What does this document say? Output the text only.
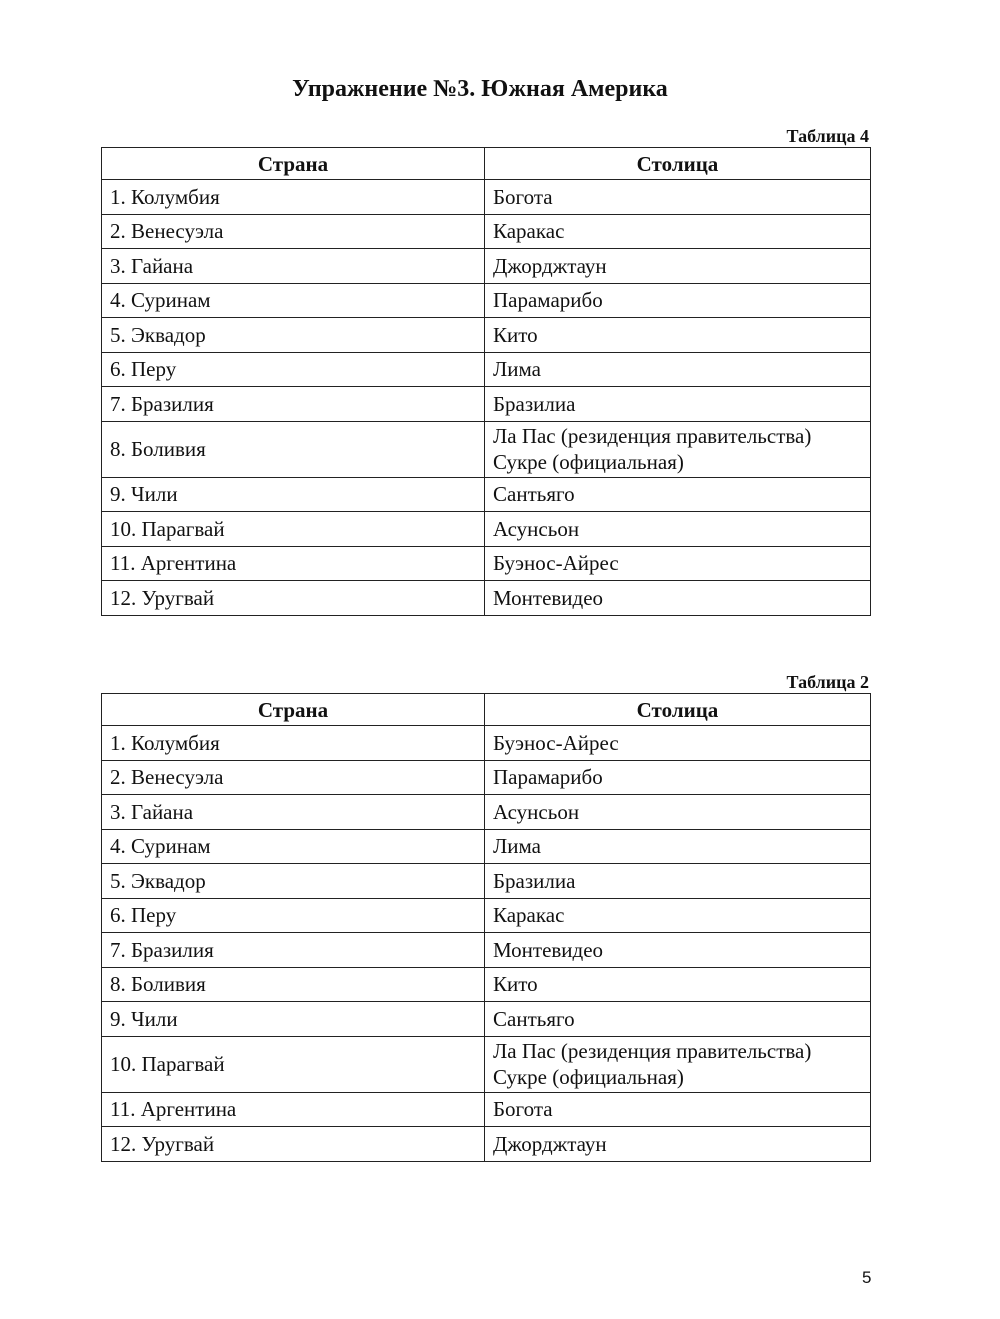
Упражнение №3. Южная Америка
Таблица 4
Страна	Столица
1. Колумбия	Богота

2. Венесуэла	Каракас

3. Гайана	Джорджтаун

4. Суринам	Парамарибо

5. Эквадор	Кито

6. Перу	Лима

7. Бразилия	Бразилиа

8. Боливия	Ла Пас (резиденция правительства)
Сукре (официальная)

9. Чили	Сантьяго

10. Парагвай	Асунсьон

11. Аргентина	Буэнос-Айрес

12. Уругвай	Монтевидео
Таблица 2
Страна	Столица
1. Колумбия	Буэнос-Айрес

2. Венесуэла	Парамарибо

3. Гайана	Асунсьон

4. Суринам	Лима

5. Эквадор	Бразилиа

6. Перу	Каракас

7. Бразилия	Монтевидео

8. Боливия	Кито

9. Чили	Сантьяго

10. Парагвай	Ла Пас (резиденция правительства)
Сукре (официальная)

11. Аргентина	Богота

12. Уругвай	Джорджтаун
5
